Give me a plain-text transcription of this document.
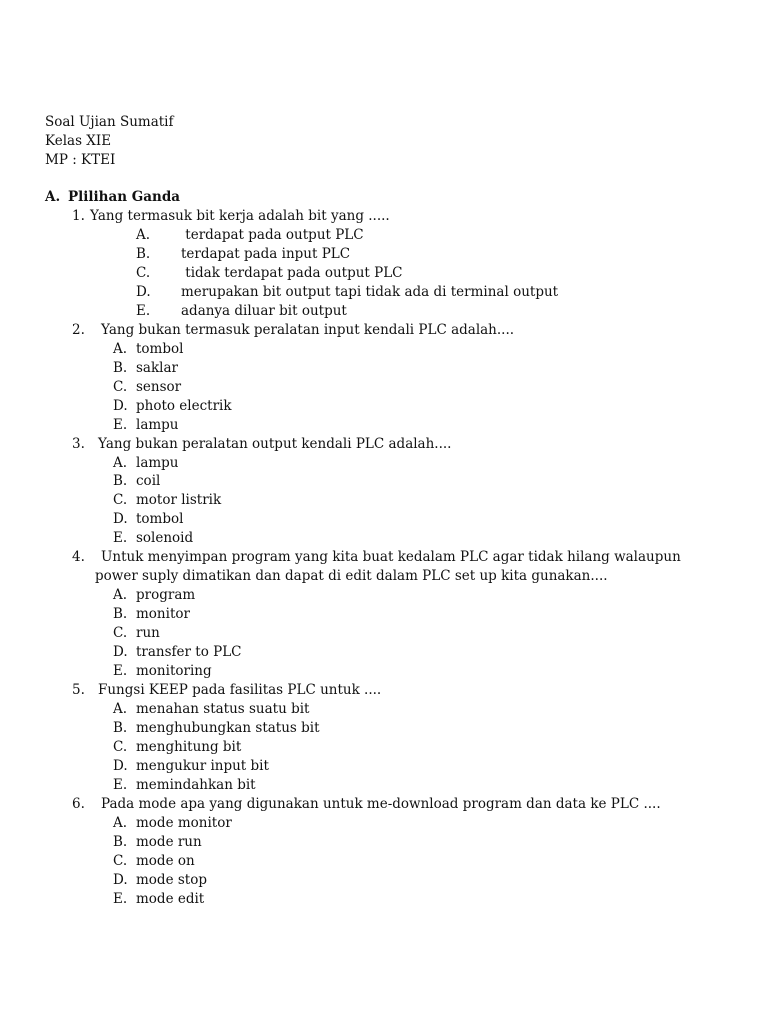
Soal Ujian Sumatif
Kelas XIE
MP : KTEI
A. Plilihan Ganda
1. Yang termasuk bit kerja adalah bit yang .....
A. terdapat pada output PLC
B. terdapat pada input PLC
C. tidak terdapat pada output PLC
D. merupakan bit output tapi tidak ada di terminal output
E. adanya diluar bit output
2. Yang bukan termasuk peralatan input kendali PLC adalah....
A. tombol
B. saklar
C. sensor
D. photo electrik
E. lampu
3. Yang bukan peralatan output kendali PLC adalah....
A. lampu
B. coil
C. motor listrik
D. tombol
E. solenoid
4. Untuk menyimpan program yang kita buat kedalam PLC agar tidak hilang walaupun
power suply dimatikan dan dapat di edit dalam PLC set up kita gunakan....
A. program
B. monitor
C. run
D. transfer to PLC
E. monitoring
5. Fungsi KEEP pada fasilitas PLC untuk ....
A. menahan status suatu bit
B. menghubungkan status bit
C. menghitung bit
D. mengukur input bit
E. memindahkan bit
6. Pada mode apa yang digunakan untuk me-download program dan data ke PLC ....
A. mode monitor
B. mode run
C. mode on
D. mode stop
E. mode edit
